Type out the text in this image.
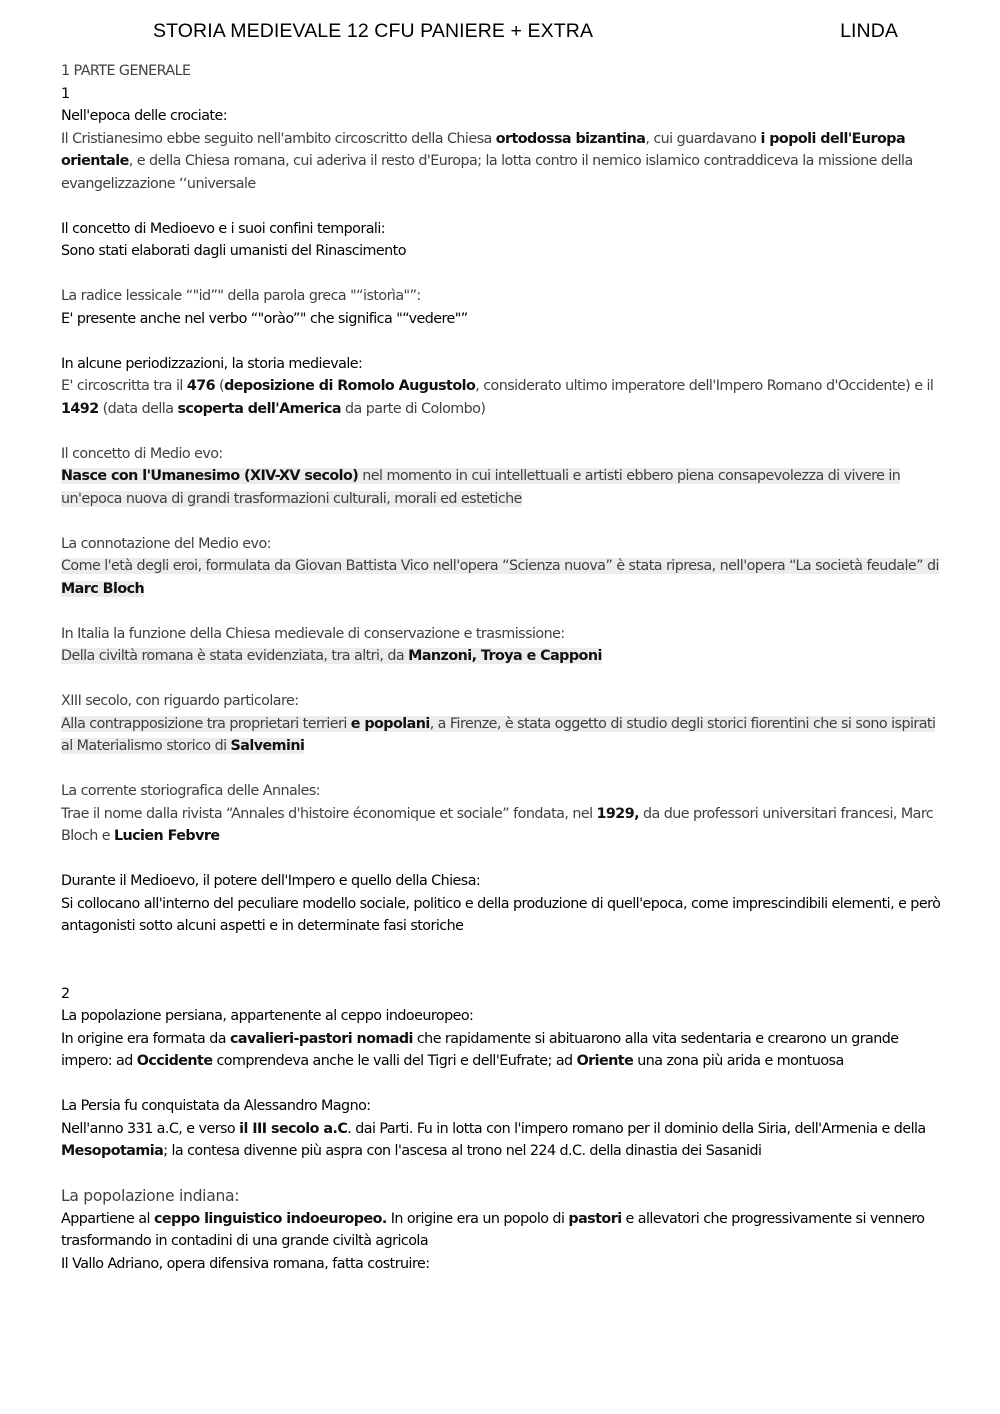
STORIA MEDIEVALE 12 CFU PANIERE + EXTRA	LINDA

1 PARTE GENERALE

1

Nell'epoca delle crociate:
Il Cristianesimo ebbe seguito nell'ambito circoscritto della Chiesa ortodossa bizantina, cui guardavano i popoli dell'Europa orientale, e della Chiesa romana, cui aderiva il resto d'Europa; la lotta contro il nemico islamico contraddiceva la missione della evangelizzazione ‘‘universale
Il concetto di Medioevo e i suoi confini temporali:
Sono stati elaborati dagli umanisti del Rinascimento
La radice lessicale “"id”" della parola greca "“istorìa"”:
E' presente anche nel verbo “"orào”" che significa "“vedere"”
In alcune periodizzazioni, la storia medievale:
E' circoscritta tra il 476 (deposizione di Romolo Augustolo, considerato ultimo imperatore dell'Impero Romano d'Occidente) e il 1492 (data della scoperta dell'America da parte di Colombo)
Il concetto di Medio evo:
Nasce con l'Umanesimo (XIV-XV secolo) nel momento in cui intellettuali e artisti ebbero piena consapevolezza di vivere in un'epoca nuova di grandi trasformazioni culturali, morali ed estetiche
La connotazione del Medio evo:
Come l'età degli eroi, formulata da Giovan Battista Vico nell'opera “Scienza nuova” è stata ripresa, nell'opera “La società feudale” di Marc Bloch
In Italia la funzione della Chiesa medievale di conservazione e trasmissione:
Della civiltà romana è stata evidenziata, tra altri, da Manzoni, Troya e Capponi
XIII secolo, con riguardo particolare:
Alla contrapposizione tra proprietari terrieri e popolani, a Firenze, è stata oggetto di studio degli storici fiorentini che si sono ispirati al Materialismo storico di Salvemini
La corrente storiografica delle Annales:
Trae il nome dalla rivista “Annales d'histoire économique et sociale” fondata, nel 1929, da due professori universitari francesi, Marc Bloch e Lucien Febvre
Durante il Medioevo, il potere dell'Impero e quello della Chiesa:
Si collocano all'interno del peculiare modello sociale, politico e della produzione di quell'epoca, come imprescindibili elementi, e però antagonisti sotto alcuni aspetti e in determinate fasi storiche

2

La popolazione persiana, appartenente al ceppo indoeuropeo:
In origine era formata da cavalieri-pastori nomadi che rapidamente si abituarono alla vita sedentaria e crearono un grande impero: ad Occidente comprendeva anche le valli del Tigri e dell'Eufrate; ad Oriente una zona più arida e montuosa
La Persia fu conquistata da Alessandro Magno:
Nell'anno 331 a.C, e verso il III secolo a.C. dai Parti. Fu in lotta con l'impero romano per il dominio della Siria, dell'Armenia e della Mesopotamia; la contesa divenne più aspra con l'ascesa al trono nel 224 d.C. della dinastia dei Sasanidi
La popolazione indiana:
Appartiene al ceppo linguistico indoeuropeo. In origine era un popolo di pastori e allevatori che progressivamente si vennero trasformando in contadini di una grande civiltà agricola
Il Vallo Adriano, opera difensiva romana, fatta costruire:
